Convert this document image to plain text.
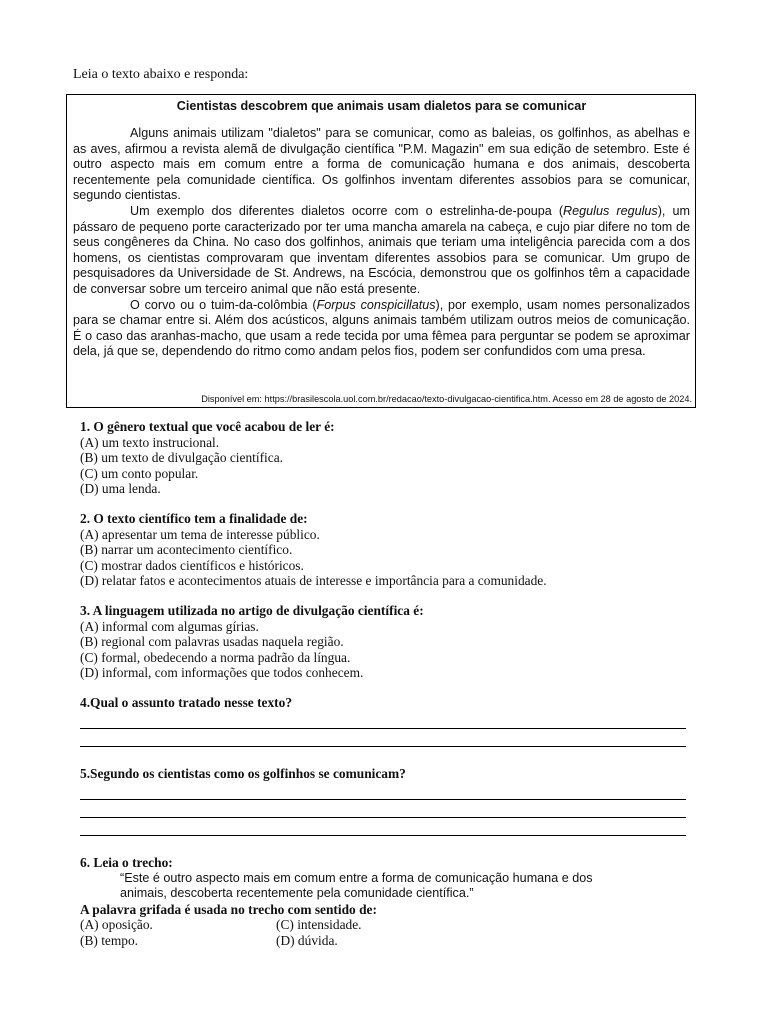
Leia o texto abaixo e responda:
Cientistas descobrem que animais usam dialetos para se comunicar

Alguns animais utilizam "dialetos" para se comunicar, como as baleias, os golfinhos, as abelhas e as aves, afirmou a revista alemã de divulgação científica "P.M. Magazin" em sua edição de setembro. Este é outro aspecto mais em comum entre a forma de comunicação humana e dos animais, descoberta recentemente pela comunidade científica. Os golfinhos inventam diferentes assobios para se comunicar, segundo cientistas.

Um exemplo dos diferentes dialetos ocorre com o estrelinha-de-poupa (Regulus regulus), um pássaro de pequeno porte caracterizado por ter uma mancha amarela na cabeça, e cujo piar difere no tom de seus congêneres da China. No caso dos golfinhos, animais que teriam uma inteligência parecida com a dos homens, os cientistas comprovaram que inventam diferentes assobios para se comunicar. Um grupo de pesquisadores da Universidade de St. Andrews, na Escócia, demonstrou que os golfinhos têm a capacidade de conversar sobre um terceiro animal que não está presente.

O corvo ou o tuim-da-colômbia (Forpus conspicillatus), por exemplo, usam nomes personalizados para se chamar entre si. Além dos acústicos, alguns animais também utilizam outros meios de comunicação. É o caso das aranhas-macho, que usam a rede tecida por uma fêmea para perguntar se podem se aproximar dela, já que se, dependendo do ritmo como andam pelos fios, podem ser confundidos com uma presa.

Disponível em: https://brasilescola.uol.com.br/redacao/texto-divulgacao-cientifica.htm. Acesso em 28 de agosto de 2024.
1. O gênero textual que você acabou de ler é:
(A) um texto instrucional.
(B) um texto de divulgação científica.
(C) um conto popular.
(D) uma lenda.
2. O texto científico tem a finalidade de:
(A) apresentar um tema de interesse público.
(B) narrar um acontecimento científico.
(C) mostrar dados científicos e históricos.
(D) relatar fatos e acontecimentos atuais de interesse e importância para a comunidade.
3. A linguagem utilizada no artigo de divulgação científica é:
(A) informal com algumas gírias.
(B) regional com palavras usadas naquela região.
(C) formal, obedecendo a norma padrão da língua.
(D) informal, com informações que todos conhecem.
4.Qual o assunto tratado nesse texto?
5.Segundo os cientistas como os golfinhos se comunicam?
6. Leia o trecho:
“Este é outro aspecto mais em comum entre a forma de comunicação humana e dos
animais, descoberta recentemente pela comunidade científica.”
A palavra grifada é usada no trecho com sentido de:
(A) oposição.	(C) intensidade.
(B) tempo.	(D) dúvida.
